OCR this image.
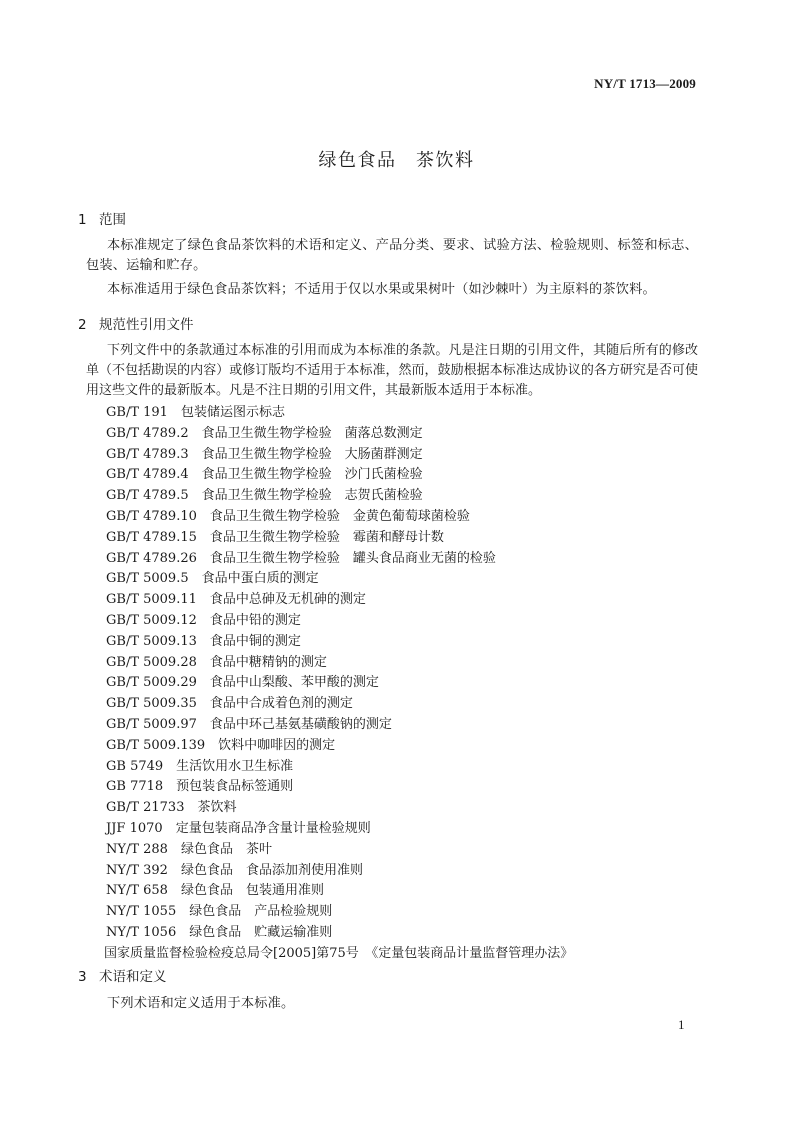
NY/T 1713—2009
绿色食品　茶饮料
1 范围

本标准规定了绿色食品茶饮料的术语和定义、产品分类、要求、试验方法、检验规则、标签和标志、包装、运输和贮存。

本标准适用于绿色食品茶饮料；不适用于仅以水果或果树叶（如沙棘叶）为主原料的茶饮料。

2 规范性引用文件

下列文件中的条款通过本标准的引用而成为本标准的条款。凡是注日期的引用文件，其随后所有的修改单（不包括勘误的内容）或修订版均不适用于本标准，然而，鼓励根据本标准达成协议的各方研究是否可使用这些文件的最新版本。凡是不注日期的引用文件，其最新版本适用于本标准。

GB/T 191　 包装储运图示标志
GB/T 4789.2　 食品卫生微生物学检验　菌落总数测定
GB/T 4789.3　 食品卫生微生物学检验　大肠菌群测定
GB/T 4789.4　 食品卫生微生物学检验　沙门氏菌检验
GB/T 4789.5　 食品卫生微生物学检验　志贺氏菌检验
GB/T 4789.10　 食品卫生微生物学检验　金黄色葡萄球菌检验
GB/T 4789.15　 食品卫生微生物学检验　霉菌和酵母计数
GB/T 4789.26　 食品卫生微生物学检验　罐头食品商业无菌的检验
GB/T 5009.5　 食品中蛋白质的测定
GB/T 5009.11　 食品中总砷及无机砷的测定
GB/T 5009.12　 食品中铅的测定
GB/T 5009.13　 食品中铜的测定
GB/T 5009.28　 食品中糖精钠的测定
GB/T 5009.29　 食品中山梨酸、苯甲酸的测定
GB/T 5009.35　 食品中合成着色剂的测定
GB/T 5009.97　 食品中环己基氨基磺酸钠的测定
GB/T 5009.139　 饮料中咖啡因的测定
GB 5749　 生活饮用水卫生标准
GB 7718　 预包装食品标签通则
GB/T 21733　 茶饮料
JJF 1070　 定量包装商品净含量计量检验规则
NY/T 288　 绿色食品　茶叶
NY/T 392　 绿色食品　食品添加剂使用准则
NY/T 658　 绿色食品　包装通用准则
NY/T 1055　 绿色食品　产品检验规则
NY/T 1056　 绿色食品　贮藏运输准则
国家质量监督检验检疫总局令[2005]第75号　 《定量包装商品计量监督管理办法》
3 术语和定义

下列术语和定义适用于本标准。

1
